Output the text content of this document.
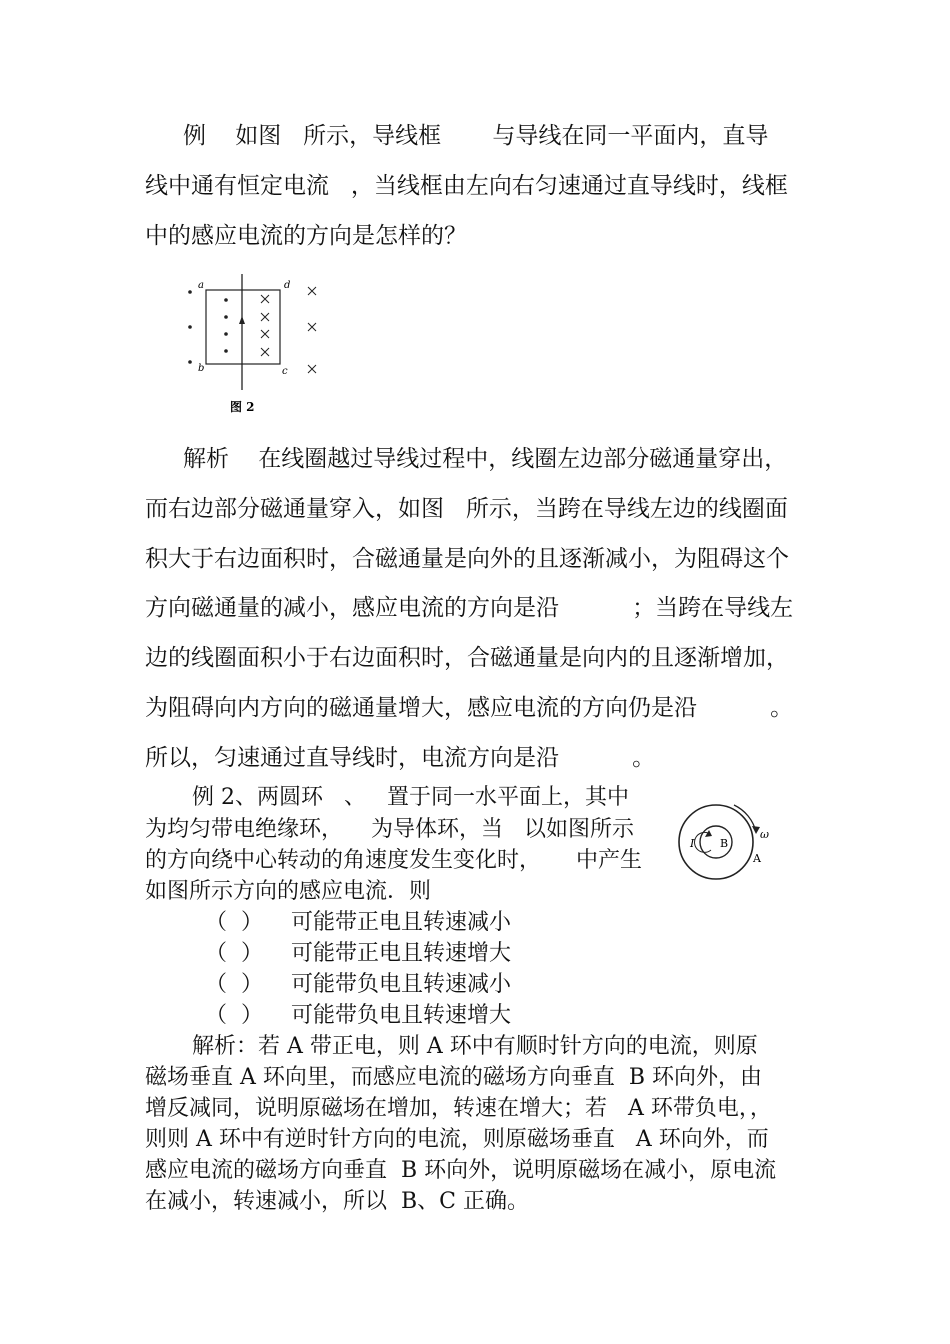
例    如图   所示，导线框       与导线在同一平面内，直导
线中通有恒定电流   ，当线框由左向右匀速通过直导线时，线框
中的感应电流的方向是怎样的？
a
b	c
d
图 2
解析    在线圈越过导线过程中，线圈左边部分磁通量穿出，
而右边部分磁通量穿入，如图   所示，当跨在导线左边的线圈面
积大于右边面积时，合磁通量是向外的且逐渐减小，为阻碍这个
方向磁通量的减小，感应电流的方向是沿          ；当跨在导线左
边的线圈面积小于右边面积时，合磁通量是向内的且逐渐增加，
为阻碍向内方向的磁通量增大，感应电流的方向仍是沿          。
所以，匀速通过直导线时，电流方向是沿          。
例 2、两圆环   、   置于同一水平面上，其中
为均匀带电绝缘环，    为导体环，当   以如图所示
的方向绕中心转动的角速度发生变化时，     中产生
如图所示方向的感应电流．则
ω
I B
A
（  ）    可能带正电且转速减小
（  ）    可能带正电且转速增大
（  ）    可能带负电且转速减小
（  ）    可能带负电且转速增大
解析：若 A 带正电，则 A 环中有顺时针方向的电流，则原
磁场垂直 A 环向里，而感应电流的磁场方向垂直  B 环向外，由
增反减同，说明原磁场在增加，转速在增大；若   A 环带负电，，
则则 A 环中有逆时针方向的电流，则原磁场垂直   A 环向外，而
感应电流的磁场方向垂直  B 环向外，说明原磁场在减小，原电流
在减小，转速减小，所以  B、C 正确。
